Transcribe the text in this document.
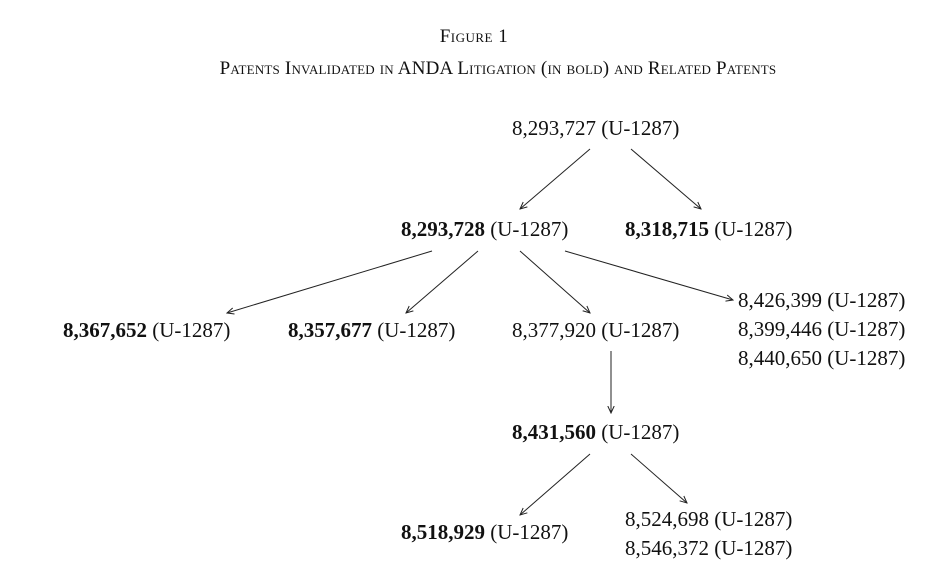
Figure 1
Patents Invalidated in ANDA Litigation (in bold) and Related Patents
8,293,727 (U-1287)
8,293,728 (U-1287)	8,318,715 (U-1287)
8,367,652 (U-1287)	8,357,677 (U-1287)	8,377,920 (U-1287)
8,426,399 (U-1287)
8,399,446 (U-1287)
8,440,650 (U-1287)
8,431,560 (U-1287)
8,518,929 (U-1287)
8,524,698 (U-1287)
8,546,372 (U-1287)
